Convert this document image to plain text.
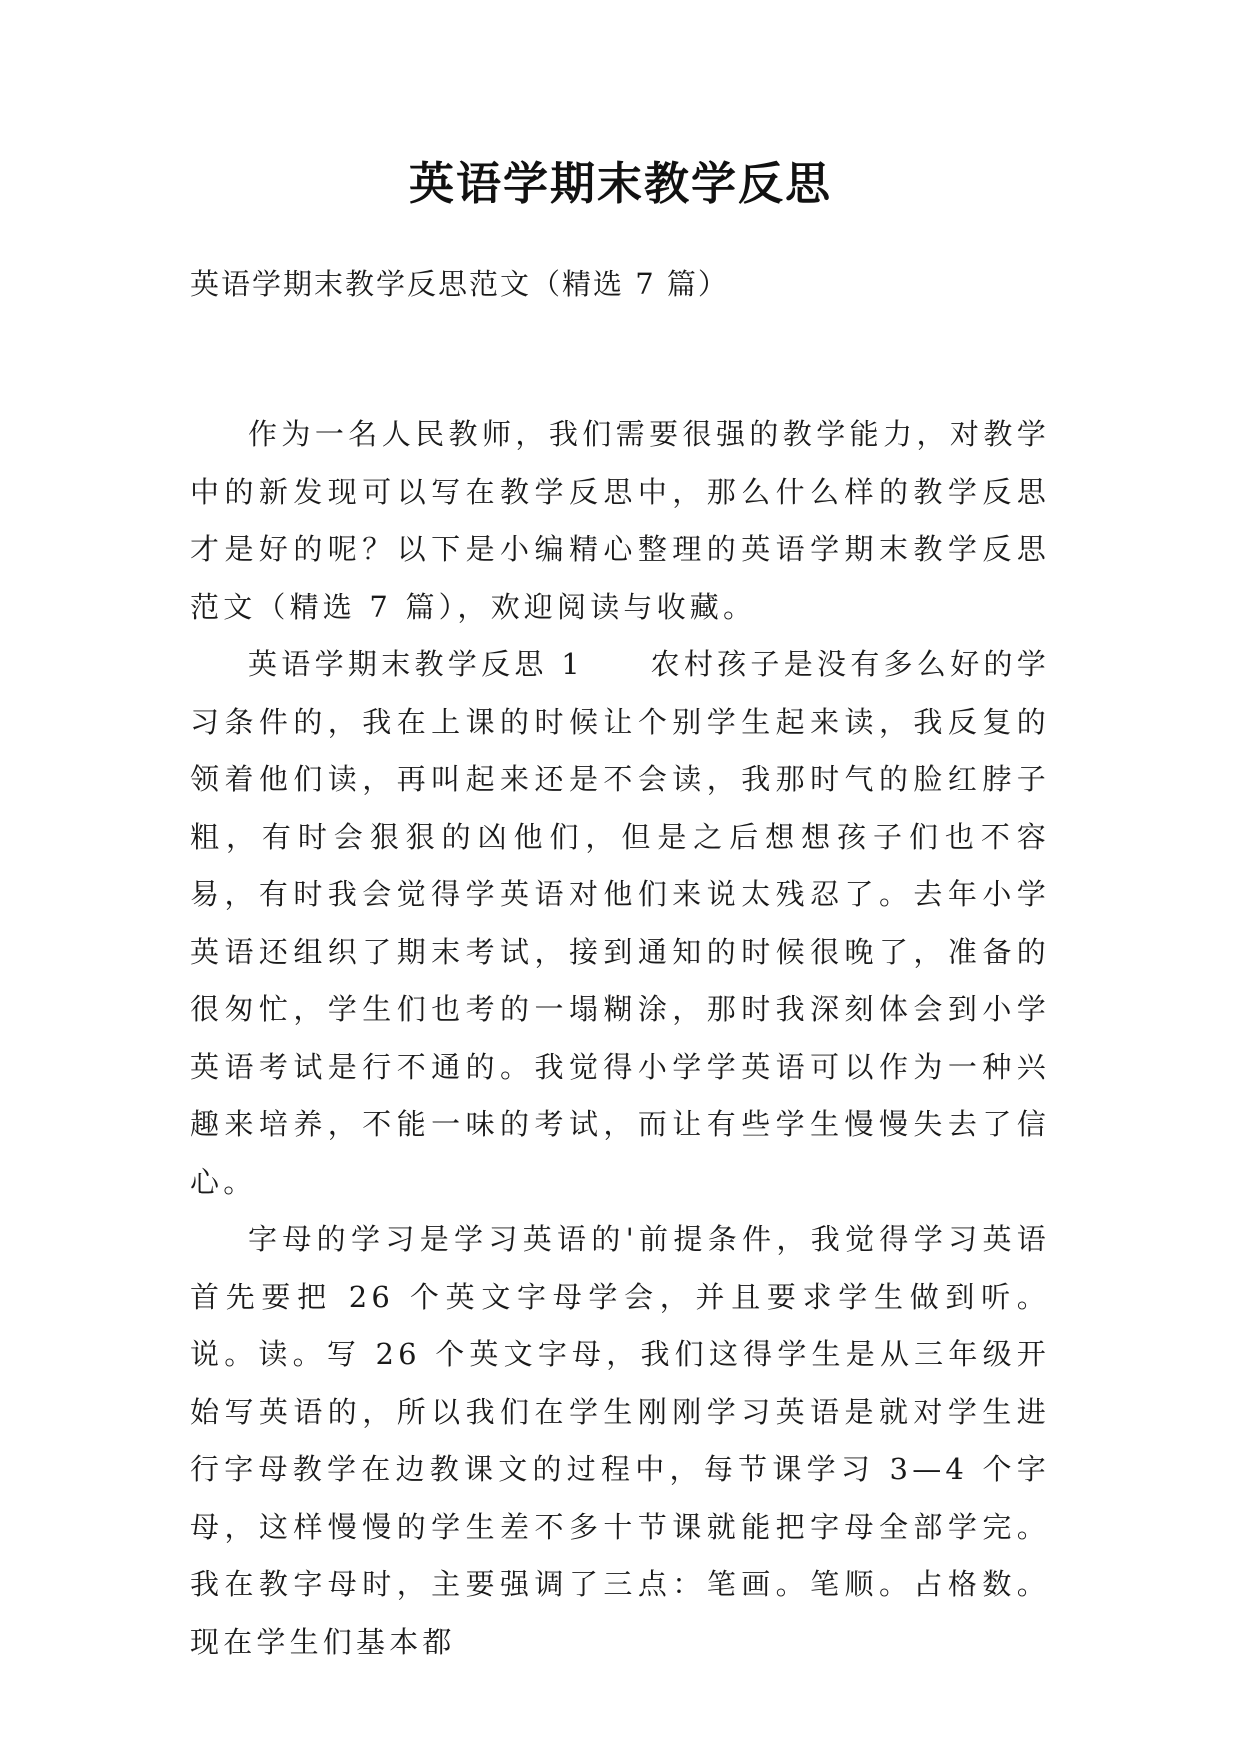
英语学期末教学反思

英语学期末教学反思范文（精选 7 篇）

作为一名人民教师，我们需要很强的教学能力，对教学中的新发现可以写在教学反思中，那么什么样的教学反思才是好的呢？以下是小编精心整理的英语学期末教学反思范文（精选 7 篇），欢迎阅读与收藏。

英语学期末教学反思 1　　农村孩子是没有多么好的学习条件的，我在上课的时候让个别学生起来读，我反复的领着他们读，再叫起来还是不会读，我那时气的脸红脖子粗，有时会狠狠的凶他们，但是之后想想孩子们也不容易，有时我会觉得学英语对他们来说太残忍了。去年小学英语还组织了期末考试，接到通知的时候很晚了，准备的很匆忙，学生们也考的一塌糊涂，那时我深刻体会到小学英语考试是行不通的。我觉得小学学英语可以作为一种兴趣来培养，不能一味的考试，而让有些学生慢慢失去了信心。

字母的学习是学习英语的'前提条件，我觉得学习英语首先要把 26 个英文字母学会，并且要求学生做到听。说。读。写 26 个英文字母，我们这得学生是从三年级开始写英语的，所以我们在学生刚刚学习英语是就对学生进行字母教学在边教课文的过程中，每节课学习 3—4 个字母，这样慢慢的学生差不多十节课就能把字母全部学完。我在教字母时，主要强调了三点：笔画。笔顺。占格数。现在学生们基本都
